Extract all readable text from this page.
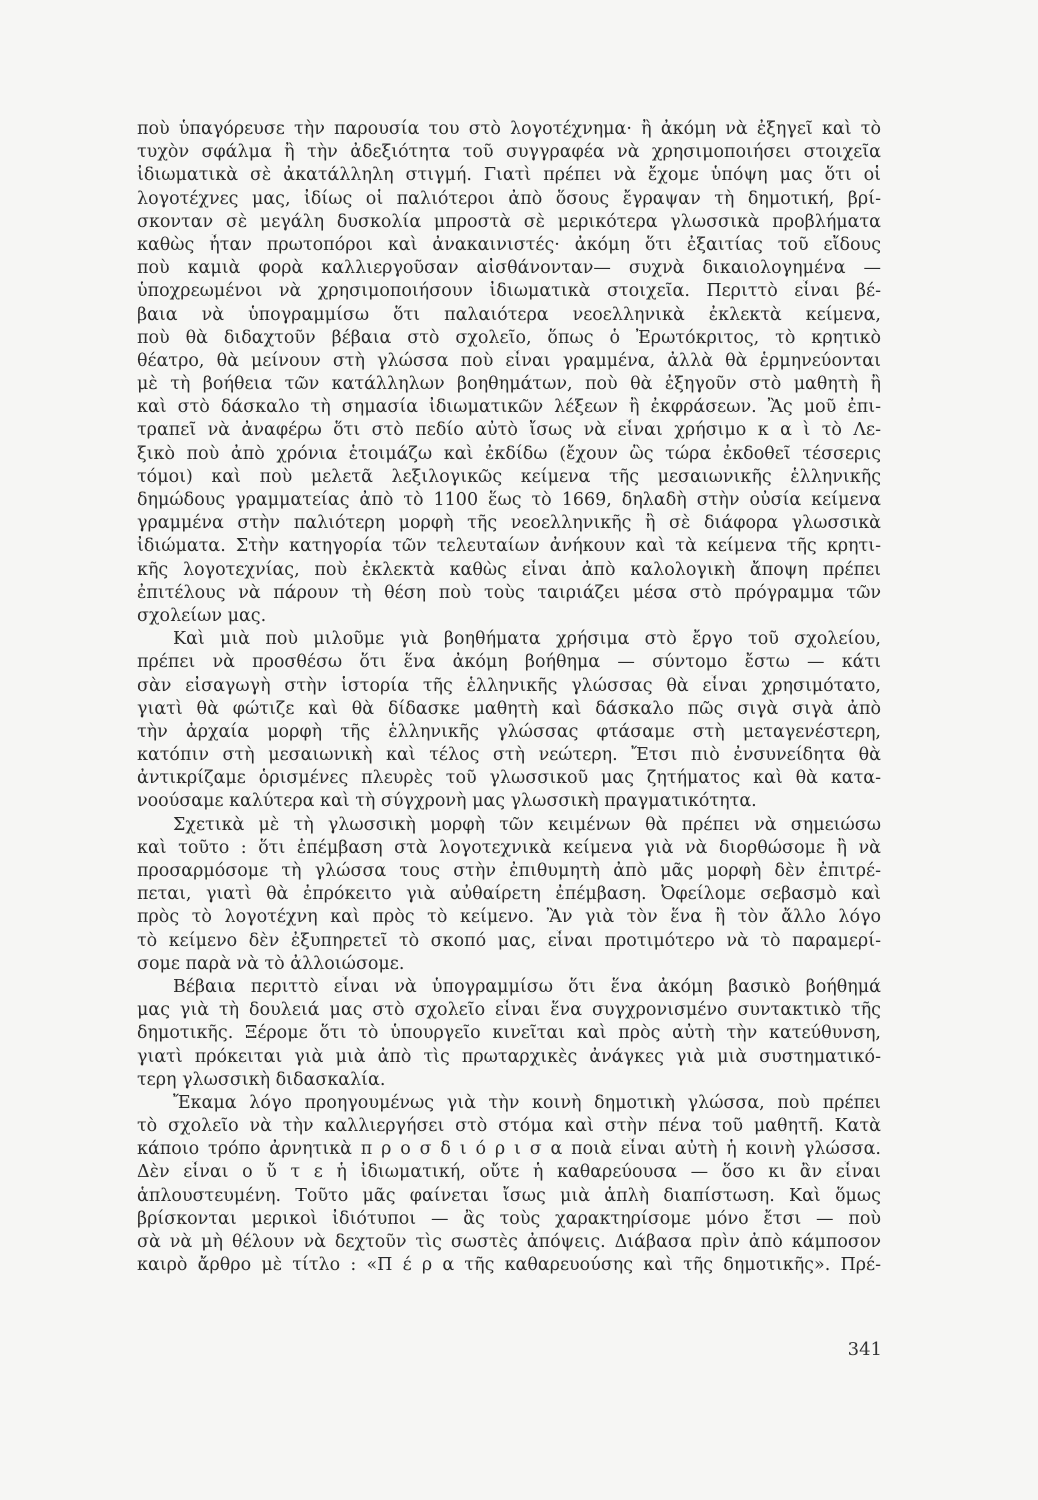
ποὺ ὑπαγόρευσε τὴν παρουσία του στὸ λογοτέχνημα· ἢ ἀκόμη νὰ ἐξηγεῖ καὶ τὸ
τυχὸν σφάλμα ἢ τὴν ἀδεξιότητα τοῦ συγγραφέα νὰ χρησιμοποιήσει στοιχεῖα
ἰδιωματικὰ σὲ ἀκατάλληλη στιγμή. Γιατὶ πρέπει νὰ ἔχομε ὑπόψη μας ὅτι οἱ
λογοτέχνες μας, ἰδίως οἱ παλιότεροι ἀπὸ ὅσους ἔγραψαν τὴ δημοτική, βρί-
σκονταν σὲ μεγάλη δυσκολία μπροστὰ σὲ μερικότερα γλωσσικὰ προβλήματα
καθὼς ἦταν πρωτοπόροι καὶ ἀνακαινιστές· ἀκόμη ὅτι ἐξαιτίας τοῦ εἴδους
ποὺ καμιὰ φορὰ καλλιεργοῦσαν αἰσθάνονταν— συχνὰ δικαιολογημένα —
ὑποχρεωμένοι νὰ χρησιμοποιήσουν ἰδιωματικὰ στοιχεῖα. Περιττὸ εἶναι βέ-
βαια νὰ ὑπογραμμίσω ὅτι παλαιότερα νεοελληνικὰ ἐκλεκτὰ κείμενα,
ποὺ θὰ διδαχτοῦν βέβαια στὸ σχολεῖο, ὅπως ὁ Ἐρωτόκριτος, τὸ κρητικὸ
θέατρο, θὰ μείνουν στὴ γλώσσα ποὺ εἶναι γραμμένα, ἀλλὰ θὰ ἑρμηνεύονται
μὲ τὴ βοήθεια τῶν κατάλληλων βοηθημάτων, ποὺ θὰ ἐξηγοῦν στὸ μαθητὴ ἢ
καὶ στὸ δάσκαλο τὴ σημασία ἰδιωματικῶν λέξεων ἢ ἐκφράσεων. Ἂς μοῦ ἐπι-
τραπεῖ νὰ ἀναφέρω ὅτι στὸ πεδίο αὐτὸ ἴσως νὰ εἶναι χρήσιμο κ α ὶ τὸ Λε-
ξικὸ ποὺ ἀπὸ χρόνια ἑτοιμάζω καὶ ἐκδίδω (ἔχουν ὣς τώρα ἐκδοθεῖ τέσσερις
τόμοι) καὶ ποὺ μελετᾶ λεξιλογικῶς κείμενα τῆς μεσαιωνικῆς ἑλληνικῆς
δημώδους γραμματείας ἀπὸ τὸ 1100 ἕως τὸ 1669, δηλαδὴ στὴν οὐσία κείμενα
γραμμένα στὴν παλιότερη μορφὴ τῆς νεοελληνικῆς ἢ σὲ διάφορα γλωσσικὰ
ἰδιώματα. Στὴν κατηγορία τῶν τελευταίων ἀνήκουν καὶ τὰ κείμενα τῆς κρητι-
κῆς λογοτεχνίας, ποὺ ἐκλεκτὰ καθὼς εἶναι ἀπὸ καλολογικὴ ἄποψη πρέπει
ἐπιτέλους νὰ πάρουν τὴ θέση ποὺ τοὺς ταιριάζει μέσα στὸ πρόγραμμα τῶν
σχολείων μας.
Καὶ μιὰ ποὺ μιλοῦμε γιὰ βοηθήματα χρήσιμα στὸ ἔργο τοῦ σχολείου,
πρέπει νὰ προσθέσω ὅτι ἕνα ἀκόμη βοήθημα — σύντομο ἔστω — κάτι
σὰν εἰσαγωγὴ στὴν ἱστορία τῆς ἑλληνικῆς γλώσσας θὰ εἶναι χρησιμότατο,
γιατὶ θὰ φώτιζε καὶ θὰ δίδασκε μαθητὴ καὶ δάσκαλο πῶς σιγὰ σιγὰ ἀπὸ
τὴν ἀρχαία μορφὴ τῆς ἑλληνικῆς γλώσσας φτάσαμε στὴ μεταγενέστερη,
κατόπιν στὴ μεσαιωνικὴ καὶ τέλος στὴ νεώτερη. Ἔτσι πιὸ ἐνσυνείδητα θὰ
ἀντικρίζαμε ὁρισμένες πλευρὲς τοῦ γλωσσικοῦ μας ζητήματος καὶ θὰ κατα-
νοούσαμε καλύτερα καὶ τὴ σύγχρονὴ μας γλωσσικὴ πραγματικότητα.
Σχετικὰ μὲ τὴ γλωσσικὴ μορφὴ τῶν κειμένων θὰ πρέπει νὰ σημειώσω
καὶ τοῦτο : ὅτι ἐπέμβαση στὰ λογοτεχνικὰ κείμενα γιὰ νὰ διορθώσομε ἢ νὰ
προσαρμόσομε τὴ γλώσσα τους στὴν ἐπιθυμητὴ ἀπὸ μᾶς μορφὴ δὲν ἐπιτρέ-
πεται, γιατὶ θὰ ἐπρόκειτο γιὰ αὐθαίρετη ἐπέμβαση. Ὀφείλομε σεβασμὸ καὶ
πρὸς τὸ λογοτέχνη καὶ πρὸς τὸ κείμενο. Ἂν γιὰ τὸν ἕνα ἢ τὸν ἄλλο λόγο
τὸ κείμενο δὲν ἐξυπηρετεῖ τὸ σκοπό μας, εἶναι προτιμότερο νὰ τὸ παραμερί-
σομε παρὰ νὰ τὸ ἀλλοιώσομε.
Βέβαια περιττὸ εἶναι νὰ ὑπογραμμίσω ὅτι ἕνα ἀκόμη βασικὸ βοήθημά
μας γιὰ τὴ δουλειά μας στὸ σχολεῖο εἶναι ἕνα συγχρονισμένο συντακτικὸ τῆς
δημοτικῆς. Ξέρομε ὅτι τὸ ὑπουργεῖο κινεῖται καὶ πρὸς αὐτὴ τὴν κατεύθυνση,
γιατὶ πρόκειται γιὰ μιὰ ἀπὸ τὶς πρωταρχικὲς ἀνάγκες γιὰ μιὰ συστηματικό-
τερη γλωσσικὴ διδασκαλία.
Ἔκαμα λόγο προηγουμένως γιὰ τὴν κοινὴ δημοτικὴ γλώσσα, ποὺ πρέπει
τὸ σχολεῖο νὰ τὴν καλλιεργήσει στὸ στόμα καὶ στὴν πένα τοῦ μαθητῆ. Κατὰ
κάποιο τρόπο ἀρνητικὰ π ρ ο σ δ ι ό ρ ι σ α ποιὰ εἶναι αὐτὴ ἡ κοινὴ γλώσσα.
Δὲν εἶναι ο ὔ τ ε ἡ ἰδιωματική, οὔτε ἡ καθαρεύουσα — ὅσο κι ἂν εἶναι
ἁπλουστευμένη. Τοῦτο μᾶς φαίνεται ἴσως μιὰ ἁπλὴ διαπίστωση. Καὶ ὅμως
βρίσκονται μερικοὶ ἰδιότυποι — ἂς τοὺς χαρακτηρίσομε μόνο ἔτσι — ποὺ
σὰ νὰ μὴ θέλουν νὰ δεχτοῦν τὶς σωστὲς ἀπόψεις. Διάβασα πρὶν ἀπὸ κάμποσον
καιρὸ ἄρθρο μὲ τίτλο : «Π έ ρ α τῆς καθαρευούσης καὶ τῆς δημοτικῆς». Πρέ-
341
